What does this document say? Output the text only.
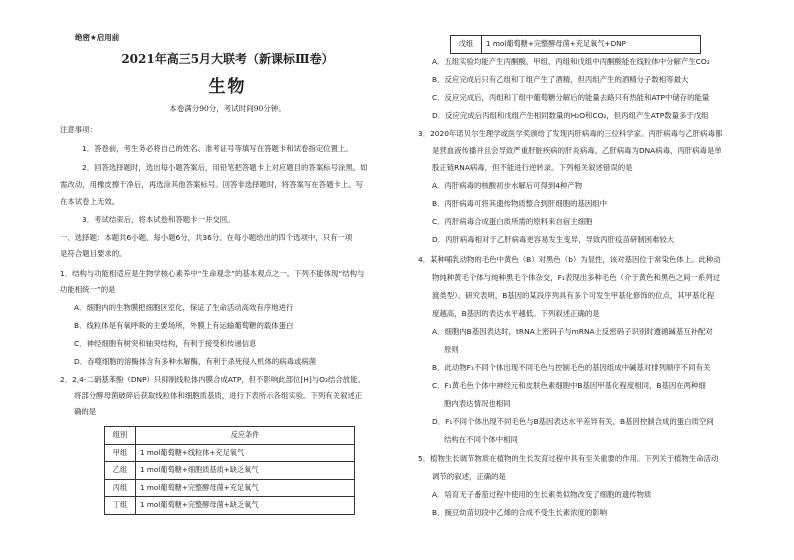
绝密★启用前
2021年高三5月大联考（新课标Ⅲ卷）
生物
本卷满分90分，考试时间90分钟。
注意事项：
1．答卷前，考生务必将自己的姓名、准考证号等填写在答题卡和试卷指定位置上。
2．回答选择题时，选出每小题答案后，用铅笔把答题卡上对应题目的答案标号涂黑。如
需改动，用橡皮擦干净后，再选涂其他答案标号。回答非选择题时，将答案写在答题卡上。写
在本试卷上无效。
3．考试结束后，将本试卷和答题卡一并交回。
一、选择题：本题共6小题，每小题6分，共36分。在每小题给出的四个选项中，只有一项
是符合题目要求的。
1．结构与功能相适应是生物学核心素养中“生命观念”的基本观点之一。下列不能体现“结构与
功能相统一”的是
A．细胞内的生物膜把细胞区室化，保证了生命活动高效有序地进行
B．线粒体是有氧呼吸的主要场所，外膜上有运输葡萄糖的载体蛋白
C．神经细胞有树突和轴突结构，有利于接受和传递信息
D．吞噬细胞的溶酶体含有多种水解酶，有利于杀死侵入机体的病毒或病菌
2．2,4-二硝基苯酚（DNP）只抑制线粒体内膜合成ATP，但不影响此部位[H]与O₂结合放能。
将部分酵母菌破碎后获取线粒体和细胞质基质，进行下表所示各组实验。下列有关叙述正
确的是
组别	反应条件
甲组	1 mol葡萄糖+线粒体+充足氧气
乙组	1 mol葡萄糖+细胞质基质+缺乏氧气
丙组	1 mol葡萄糖+完整酵母菌+充足氧气
丁组	1 mol葡萄糖+完整酵母菌+缺乏氧气
戊组	1 mol葡萄糖+完整酵母菌+充足氧气+DNP
A．五组实验均能产生丙酮酸，甲组、丙组和戊组中丙酮酸能在线粒体中分解产生CO₂
B．反应完成后只有乙组和丁组产生了酒精，但丙组产生的酒精分子数相等最大
C．反应完成后，丙组和丁组中葡萄糖分解后的能量去路只有热能和ATP中储存的能量
D．反应完成后丙组和戊组产生相同数量的H₂O和CO₂，但丙组产生ATP数量多于戊组
3．2020年诺贝尔生理学或医学奖颁给了发现丙肝病毒的三位科学家。丙肝病毒与乙肝病毒都
是营血液传播并且会导致严重肝脏疾病的肝炎病毒。乙肝病毒为DNA病毒，丙肝病毒是单
股正链RNA病毒，但不能进行逆转录。下列相关叙述错误的是
A．丙肝病毒的核酸初步水解后可得到4种产物
B．丙肝病毒可将其遗传物质整合到肝细胞的基因组中
C．丙肝病毒合成蛋白质所需的原料来自宿主细胞
D．丙肝病毒相对于乙肝病毒更容易发生变异，导致丙肝疫苗研制困难较大
4．某种哺乳动物的毛色中黄色（B）对黑色（b）为显性，该对基因位于常染色体上。此种动
物纯种黄毛个体与纯种黑毛个体杂交，F₁表现出多种毛色（介于黄色和黑色之间一系列过
渡类型）。研究表明，B基因的某段序列具有多个可发生甲基化修饰的位点，其甲基化程
度越高，B基因的表达水平越低。下列叙述正确的是
A．细胞内B基因表达时，tRNA上密码子与mRNA上反密码子识别时遵循碱基互补配对
原则
B．此动物F₁不同个体出现不同毛色与控制毛色的基因组成中碱基对排列顺序不同有关
C．F₁黄毛色个体中神经元和皮肤色素细胞中B基因甲基化程度相同，B基因在两种细
胞内表达情况也相同
D．F₁不同个体出现不同毛色与B基因表达水平差异有关，B基因控制合成的蛋白质空间
结构在不同个体中相同
5．植物生长调节物质在植物的生长发育过程中具有至关重要的作用。下列关于植物生命活动
调节的叙述，正确的是
A．培育无子番茄过程中使用的生长素类似物改变了细胞的遗传物质
B．豌豆幼苗切段中乙烯的合成不受生长素浓度的影响
